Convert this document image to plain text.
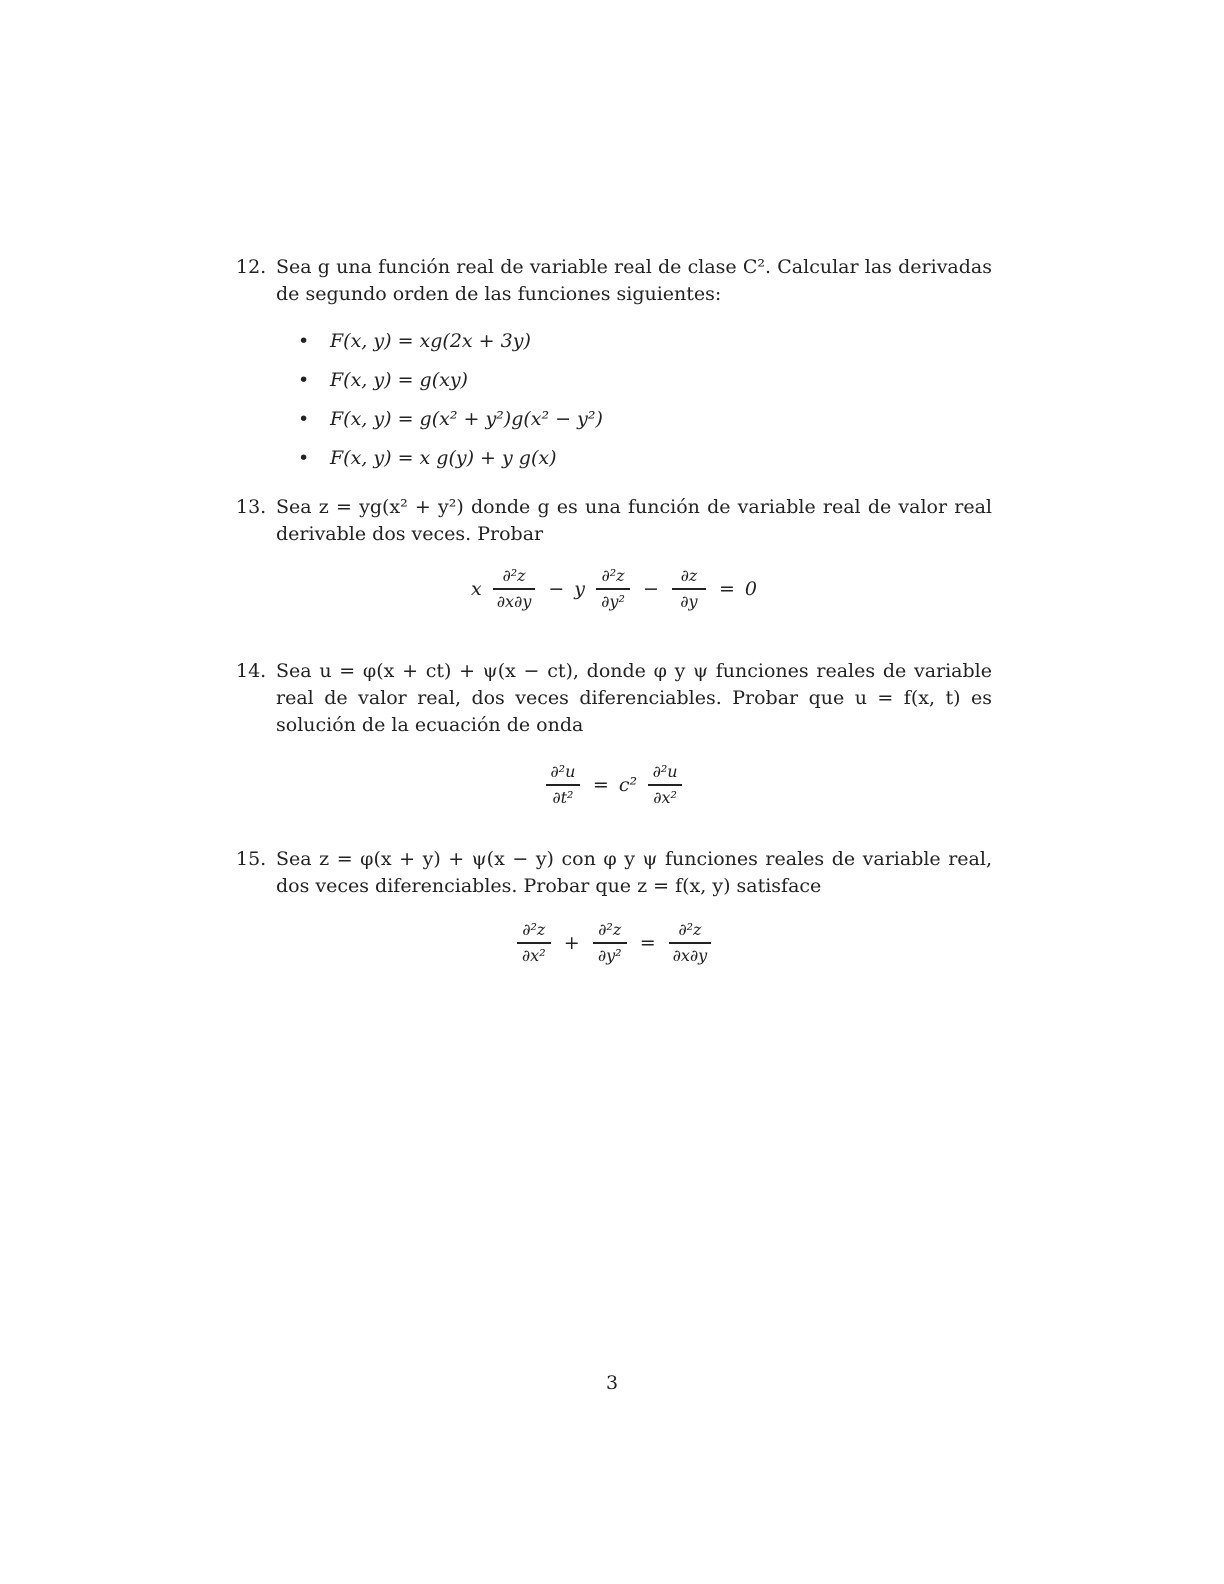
12. Sea g una función real de variable real de clase C². Calcular las derivadas de segundo orden de las funciones siguientes:
• F(x, y) = xg(2x + 3y)
• F(x, y) = g(xy)
• F(x, y) = g(x² + y²)g(x² − y²)
• F(x, y) = x g(y) + y g(x)
13. Sea z = yg(x² + y²) donde g es una función de variable real de valor real derivable dos veces. Probar
x $\frac{\text{∂²z}}{\partial x\partial y} - y \frac{\text{∂²z}}{\text{∂y²}} - \frac{\partial z}{\partial y} = 0$
14. Sea u = φ(x + ct) + ψ(x − ct), donde φ y ψ funciones reales de variable real de valor real, dos veces diferenciables. Probar que u = f(x, t) es solución de la ecuación de onda
$\frac{\text{∂²u}}{\text{∂t²}} = c^2 \frac{\text{∂²u}}{\text{∂x²}}$
15. Sea z = φ(x + y) + ψ(x − y) con φ y ψ funciones reales de variable real, dos veces diferenciables. Probar que z = f(x, y) satisface
$\frac{\text{∂²z}}{\text{∂x²}} + \frac{\text{∂²z}}{\text{∂y²}} = \frac{\text{∂²z}}{\partial x\partial y}$
3
